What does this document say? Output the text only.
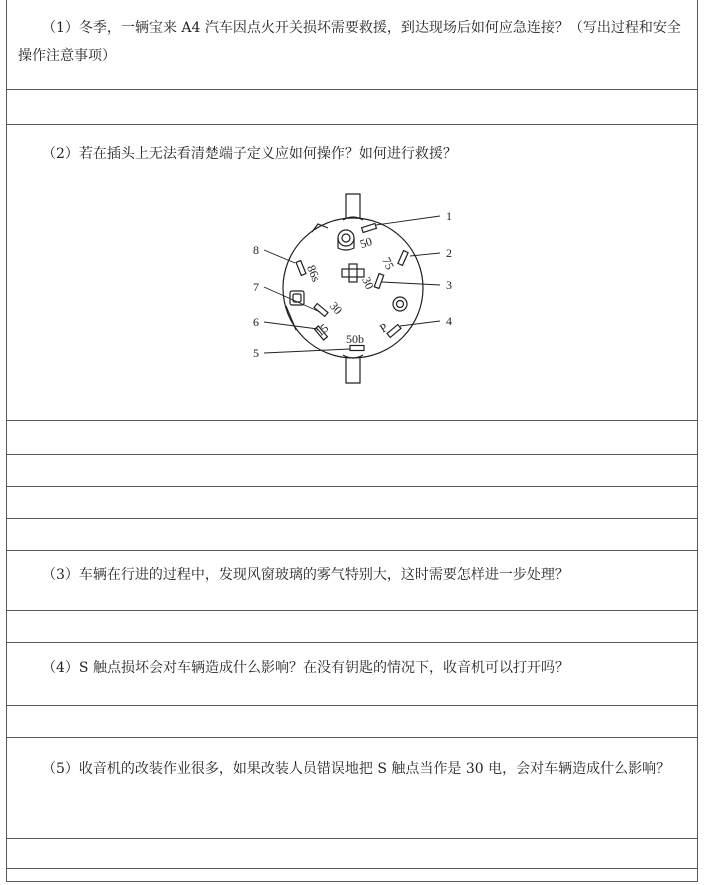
（1）冬季，一辆宝来 A4 汽车因点火开关损坏需要救援，到达现场后如何应急连接？（写出过程和安全操作注意事项）

（2）若在插头上无法看清楚端子定义应如何操作？如何进行救援？

50
75
30
86s
30
15 50b
P
1
2
3
4
5
6
7
8

（3）车辆在行进的过程中，发现风窗玻璃的雾气特别大，这时需要怎样进一步处理？

（4）S 触点损坏会对车辆造成什么影响？在没有钥匙的情况下，收音机可以打开吗？

（5）收音机的改装作业很多，如果改装人员错误地把 S 触点当作是 30 电，会对车辆造成什么影响？
